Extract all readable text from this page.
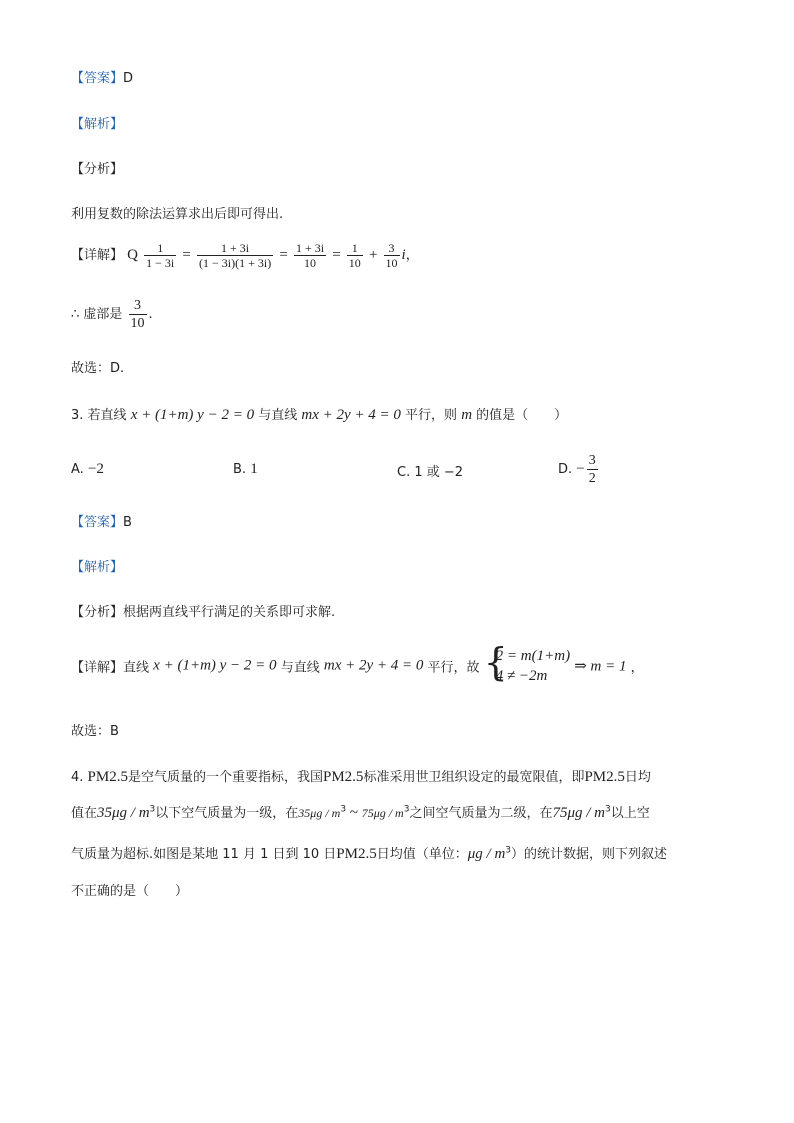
【答案】D
【解析】
【分析】
利用复数的除法运算求出后即可得出.
【详解】 Q $\frac{1}{1 - 3i} = \frac{1 + 3i}{(1 - 3i)(1 + 3i)} = \frac{1 + 3i}{10} = \frac{1}{10} + \frac{3}{10}$ i，
∴ 虚部是 $\frac{3}{10}$ .
故选：D.
3. 若直线 x + (1+m) y − 2 = 0 与直线 mx + 2y + 4 = 0 平行，则 m 的值是（　　）
A. −2	B. 1	C. 1 或 −2	D. − $\frac{3}{2}$
【答案】B
【解析】
【分析】根据两直线平行满足的关系即可求解.
【详解】直线 x + (1+m) y − 2 = 0 与直线 mx + 2y + 4 = 0 平行，故 {
2 = m(1+m)
4 ≠ −2m
⇒ m = 1 ，
故选：B
4. PM2.5是空气质量的一个重要指标，我国PM2.5标准采用世卫组织设定的最宽限值，即PM2.5日均
值在$35\mu g / m^3$以下空气质量为一级，在$35\mu g / m^3$ ~ $75\mu g / m^3$之间空气质量为二级，在$75\mu g / m^3$以上空
气质量为超标.如图是某地 11 月 1 日到 10 日PM2.5日均值（单位：μg / $m^3$）的统计数据，则下列叙述
不正确的是（　　）
